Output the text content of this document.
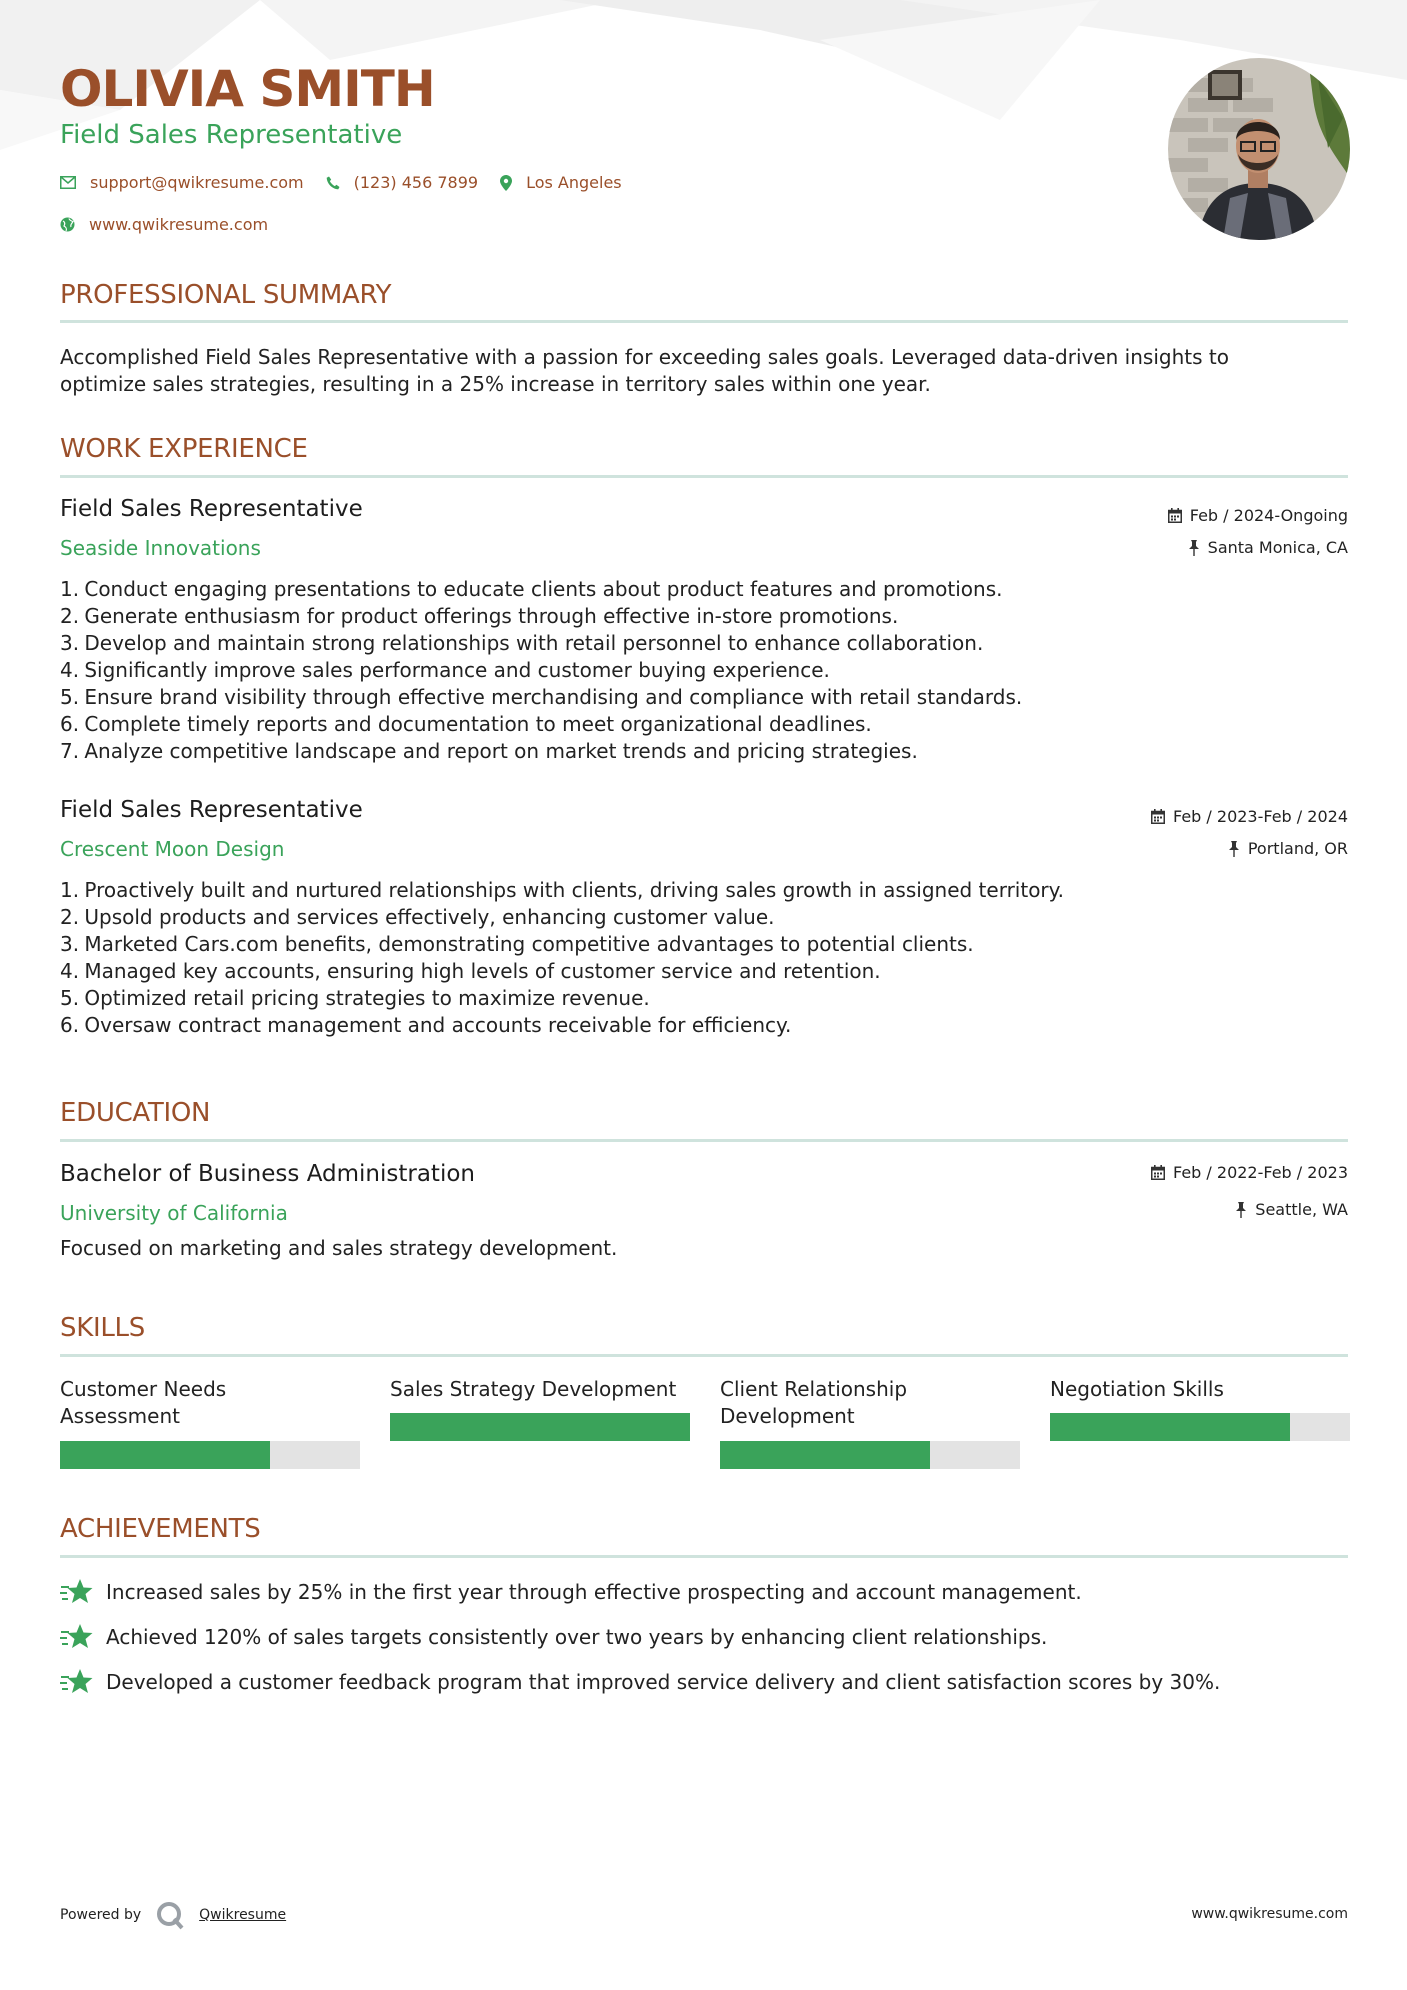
OLIVIA SMITH
Field Sales Representative
support@qwikresume.com	(123) 456 7899	Los Angeles
www.qwikresume.com
PROFESSIONAL SUMMARY
Accomplished Field Sales Representative with a passion for exceeding sales goals. Leveraged data-driven insights to
optimize sales strategies, resulting in a 25% increase in territory sales within one year.
WORK EXPERIENCE
Field Sales Representative
Seaside Innovations
Feb / 2024-Ongoing
Santa Monica, CA
1.
Conduct engaging presentations to educate clients about product features and promotions.
2.
Generate enthusiasm for product offerings through effective in-store promotions.
3.
Develop and maintain strong relationships with retail personnel to enhance collaboration.
4.
Significantly improve sales performance and customer buying experience.
5.
Ensure brand visibility through effective merchandising and compliance with retail standards.
6.
Complete timely reports and documentation to meet organizational deadlines.
7.
Analyze competitive landscape and report on market trends and pricing strategies.
Field Sales Representative
Crescent Moon Design
Feb / 2023-Feb / 2024
Portland, OR
1.
Proactively built and nurtured relationships with clients, driving sales growth in assigned territory.
2.
Upsold products and services effectively, enhancing customer value.
3.
Marketed Cars.com benefits, demonstrating competitive advantages to potential clients.
4.
Managed key accounts, ensuring high levels of customer service and retention.
5.
Optimized retail pricing strategies to maximize revenue.
6.
Oversaw contract management and accounts receivable for efficiency.
EDUCATION
Bachelor of Business Administration
University of California
Feb / 2022-Feb / 2023
Seattle, WA
Focused on marketing and sales strategy development.
SKILLS
Customer Needs
Assessment
Sales Strategy Development	Client Relationship
Development
Negotiation Skills
ACHIEVEMENTS
Increased sales by 25% in the first year through effective prospecting and account management.
Achieved 120% of sales targets consistently over two years by enhancing client relationships.
Developed a customer feedback program that improved service delivery and client satisfaction scores by 30%.
Powered by	Qwikresume	www.qwikresume.com
